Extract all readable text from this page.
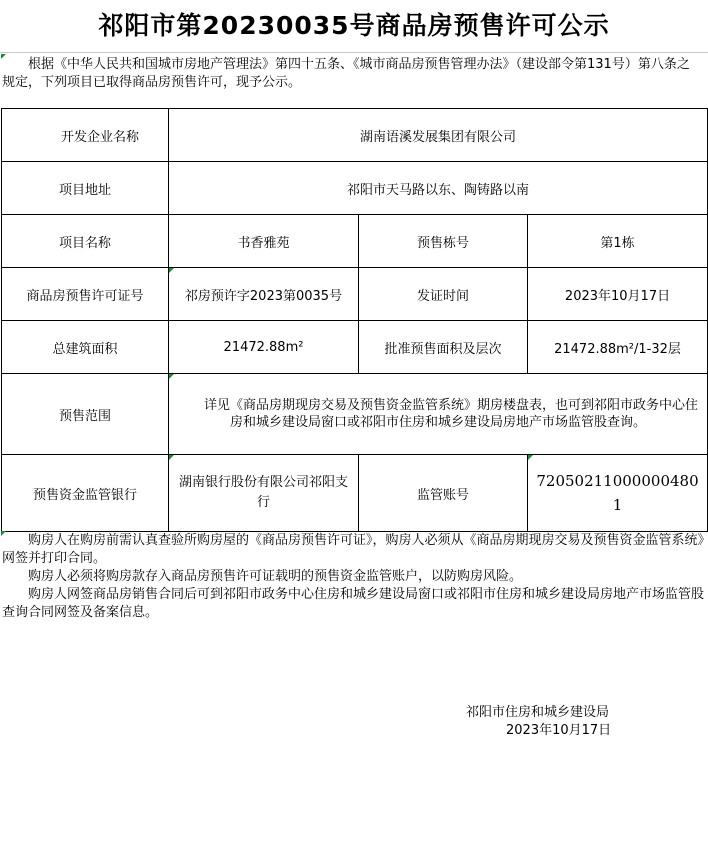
祁阳市第20230035号商品房预售许可公示
根据《中华人民共和国城市房地产管理法》第四十五条、《城市商品房预售管理办法》（建设部令第131号）第八条之规定，下列项目已取得商品房预售许可，现予公示。
开发企业名称	湖南语溪发展集团有限公司		
项目地址	祁阳市天马路以东、陶铸路以南		
项目名称	书香雅苑	预售栋号	第1栋
商品房预售许可证号	祁房预许字2023第0035号	发证时间	2023年10月17日
总建筑面积	21472.88m²	批准预售面积及层次	21472.88m²/1-32层
预售范围	详见《商品房期现房交易及预售资金监管系统》期房楼盘表，也可到祁阳市政务中心住房和城乡建设局窗口或祁阳市住房和城乡建设局房地产市场监管股查询。		
预售资金监管银行	湖南银行股份有限公司祁阳支行	监管账号	720502110000004801

购房人在购房前需认真查验所购房屋的《商品房预售许可证》，购房人必须从《商品房期现房交易及预售资金监管系统》网签并打印合同。

购房人必须将购房款存入商品房预售许可证载明的预售资金监管账户，以防购房风险。

购房人网签商品房销售合同后可到祁阳市政务中心住房和城乡建设局窗口或祁阳市住房和城乡建设局房地产市场监管股查询合同网签及备案信息。

祁阳市住房和城乡建设局
2023年10月17日
